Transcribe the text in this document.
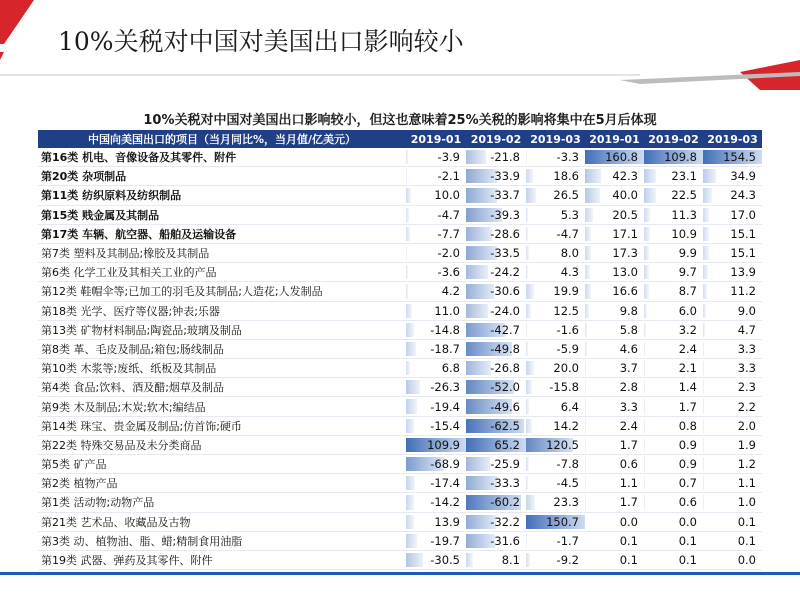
10%关税对中国对美国出口影响较小
10%关税对中国对美国出口影响较小，但这也意味着25%关税的影响将集中在5月后体现
中国向美国出口的项目（当月同比%，当月值/亿美元）	2019-01	2019-02	2019-03	2019-01	2019-02	2019-03
第16类 机电、音像设备及其零件、附件	-3.9	-21.8	-3.3	160.8	109.8	154.5
第20类 杂项制品	-2.1	-33.9	18.6	42.3	23.1	34.9
第11类 纺织原料及纺织制品	10.0	-33.7	26.5	40.0	22.5	24.3
第15类 贱金属及其制品	-4.7	-39.3	5.3	20.5	11.3	17.0
第17类 车辆、航空器、船舶及运输设备	-7.7	-28.6	-4.7	17.1	10.9	15.1
第7类 塑料及其制品;橡胶及其制品	-2.0	-33.5	8.0	17.3	9.9	15.1
第6类 化学工业及其相关工业的产品	-3.6	-24.2	4.3	13.0	9.7	13.9
第12类 鞋帽伞等;已加工的羽毛及其制品;人造花;人发制品	4.2	-30.6	19.9	16.6	8.7	11.2
第18类 光学、医疗等仪器;钟表;乐器	11.0	-24.0	12.5	9.8	6.0	9.0
第13类 矿物材料制品;陶瓷品;玻璃及制品	-14.8	-42.7	-1.6	5.8	3.2	4.7
第8类 革、毛皮及制品;箱包;肠线制品	-18.7	-49.8	-5.9	4.6	2.4	3.3
第10类 木浆等;废纸、纸板及其制品	6.8	-26.8	20.0	3.7	2.1	3.3
第4类 食品;饮料、酒及醋;烟草及制品	-26.3	-52.0	-15.8	2.8	1.4	2.3
第9类 木及制品;木炭;软木;编结品	-19.4	-49.6	6.4	3.3	1.7	2.2
第14类 珠宝、贵金属及制品;仿首饰;硬币	-15.4	-62.5	14.2	2.4	0.8	2.0
第22类 特殊交易品及未分类商品	109.9	65.2	120.5	1.7	0.9	1.9
第5类 矿产品	-68.9	-25.9	-7.8	0.6	0.9	1.2
第2类 植物产品	-17.4	-33.3	-4.5	1.1	0.7	1.1
第1类 活动物;动物产品	-14.2	-60.2	23.3	1.7	0.6	1.0
第21类 艺术品、收藏品及古物	13.9	-32.2	150.7	0.0	0.0	0.1
第3类 动、植物油、脂、蜡;精制食用油脂	-19.7	-31.6	-1.7	0.1	0.1	0.1
第19类 武器、弹药及其零件、附件	-30.5	8.1	-9.2	0.1	0.1	0.0
